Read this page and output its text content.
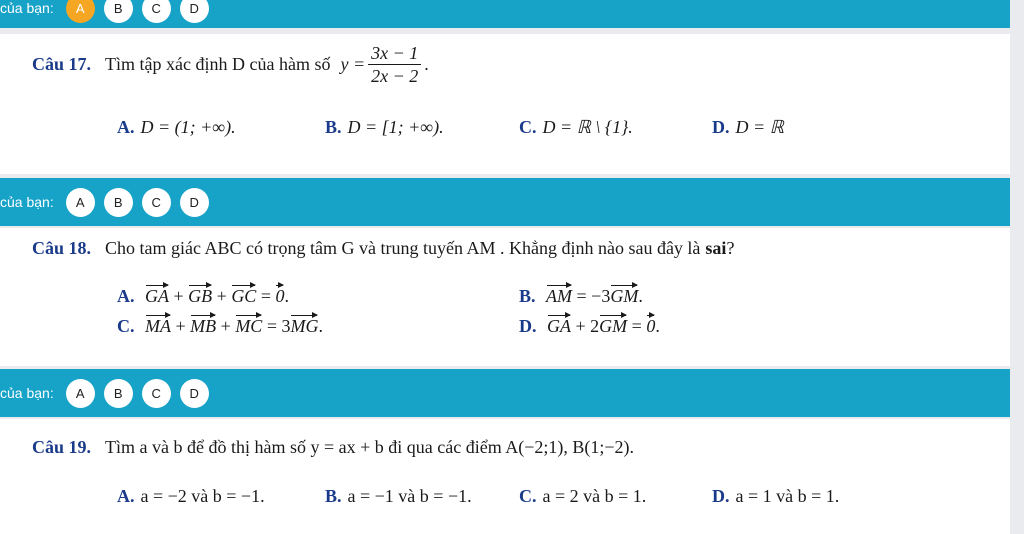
của bạn:	A	B	C	D
Câu 17. Tìm tập xác định D của hàm số $y = \frac{3x - 1}{2x - 2}$ .
A. D = (1; +∞).	B. D = [1; +∞).	C. D = ℝ \ {1}.	D. D = ℝ
của bạn:	A	B	C	D
Câu 18. Cho tam giác ABC có trọng tâm G và trung tuyến AM . Khẳng định nào sau đây là sai ?
A. GA + GB + GC = 0.	B. AM = −3GM.
C. MA + MB + MC = 3MG.	D. GA + 2GM = 0.
của bạn:	A	B	C	D
Câu 19. Tìm a và b để đồ thị hàm số y = ax + b đi qua các điểm A(−2;1), B(1;−2).
A. a = −2 và b = −1.	B. a = −1 và b = −1.	C. a = 2 và b = 1.	D. a = 1 và b = 1.
